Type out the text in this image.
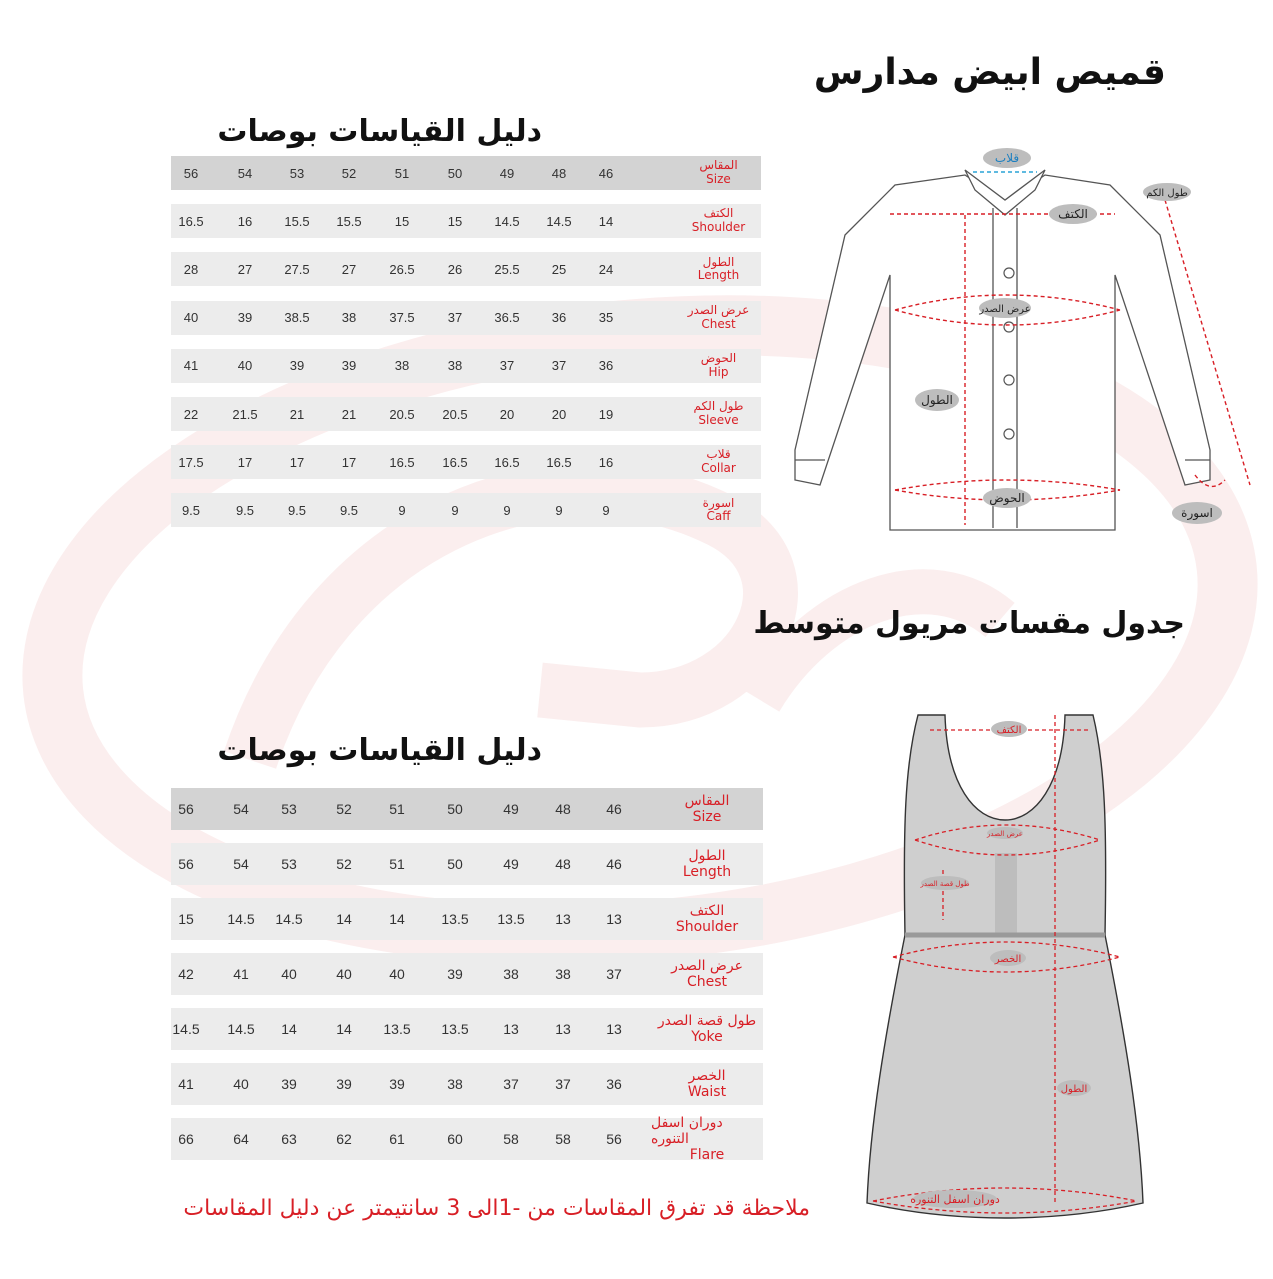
قميص ابيض مدارس
جدول مقسات مريول متوسط
دليل القياسات بوصات
دليل القياسات بوصات
المقاس
Size
46
48
49
50
51
52
53
54
56
الكتف
Shoulder
14
14.5
14.5
15
15
15.5
15.5
16
16.5
الطول
Length
24
25
25.5
26
26.5
27
27.5
27
28
عرض الصدر
Chest
35
36
36.5
37
37.5
38
38.5
39
40
الحوض
Hip
36
37
37
38
38
39
39
40
41
طول الكم
Sleeve
19
20
20
20.5
20.5
21
21
21.5
22
قلاب
Collar
16
16.5
16.5
16.5
16.5
17
17
17
17.5
اسورة
Caff
9
9
9
9
9
9.5
9.5
9.5
9.5
المقاس
Size
46
48
49
50
51
52
53
54
56
الطول
Length
46
48
49
50
51
52
53
54
56
الكتف
Shoulder
13
13
13.5
13.5
14
14
14.5
14.5
15
عرض الصدر
Chest
37
38
38
39
40
40
40
41
42
طول قصة الصدر
Yoke
13
13
13
13.5
13.5
14
14
14.5
14.5
الخصر
Waist
36
37
37
38
39
39
39
40
41
دوران اسفل التنوره
Flare
56
58
58
60
61
62
63
64
66
قلاب
الكتف
طول الكم
عرض الصدر
الطول
الحوض
اسورة
الكتف
عرض الصدر
طول قصة الصدر
الخصر
الطول
دوران اسفل التنوره
ملاحظة قد تفرق المقاسات من -1الى 3 سانتيمتر عن دليل المقاسات
